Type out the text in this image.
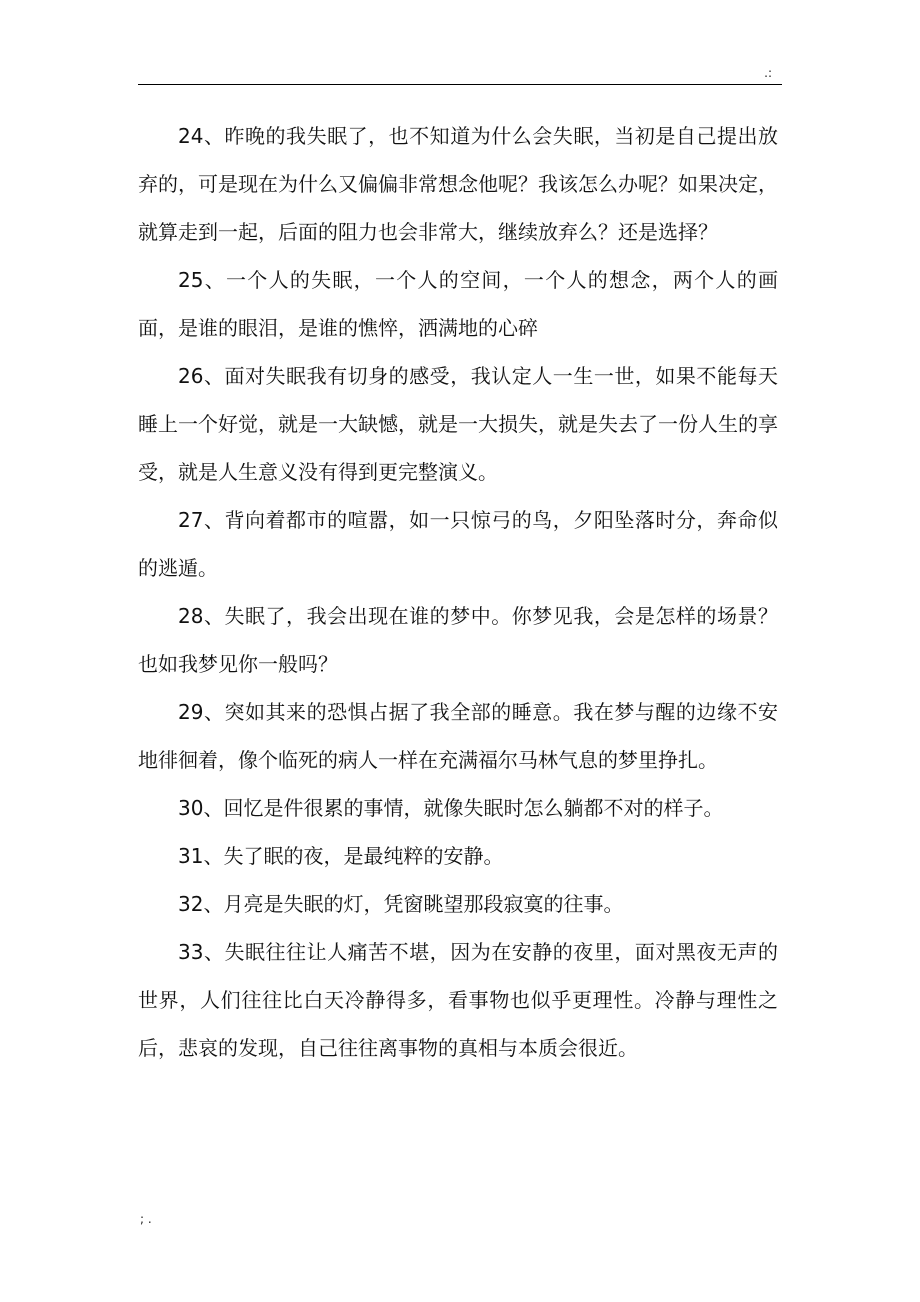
.:

24、昨晚的我失眠了，也不知道为什么会失眠，当初是自己提出放弃的，可是现在为什么又偏偏非常想念他呢？我该怎么办呢？如果决定，就算走到一起，后面的阻力也会非常大，继续放弃么？还是选择？

25、一个人的失眠，一个人的空间，一个人的想念，两个人的画面，是谁的眼泪，是谁的憔悴，洒满地的心碎

26、面对失眠我有切身的感受，我认定人一生一世，如果不能每天睡上一个好觉，就是一大缺憾，就是一大损失，就是失去了一份人生的享受，就是人生意义没有得到更完整演义。

27、背向着都市的喧嚣，如一只惊弓的鸟，夕阳坠落时分，奔命似的逃遁。

28、失眠了，我会出现在谁的梦中。你梦见我，会是怎样的场景？也如我梦见你一般吗？

29、突如其来的恐惧占据了我全部的睡意。我在梦与醒的边缘不安地徘徊着，像个临死的病人一样在充满福尔马林气息的梦里挣扎。

30、回忆是件很累的事情，就像失眠时怎么躺都不对的样子。

31、失了眠的夜，是最纯粹的安静。

32、月亮是失眠的灯，凭窗眺望那段寂寞的往事。

33、失眠往往让人痛苦不堪，因为在安静的夜里，面对黑夜无声的世界，人们往往比白天冷静得多，看事物也似乎更理性。冷静与理性之后，悲哀的发现，自己往往离事物的真相与本质会很近。

; .
